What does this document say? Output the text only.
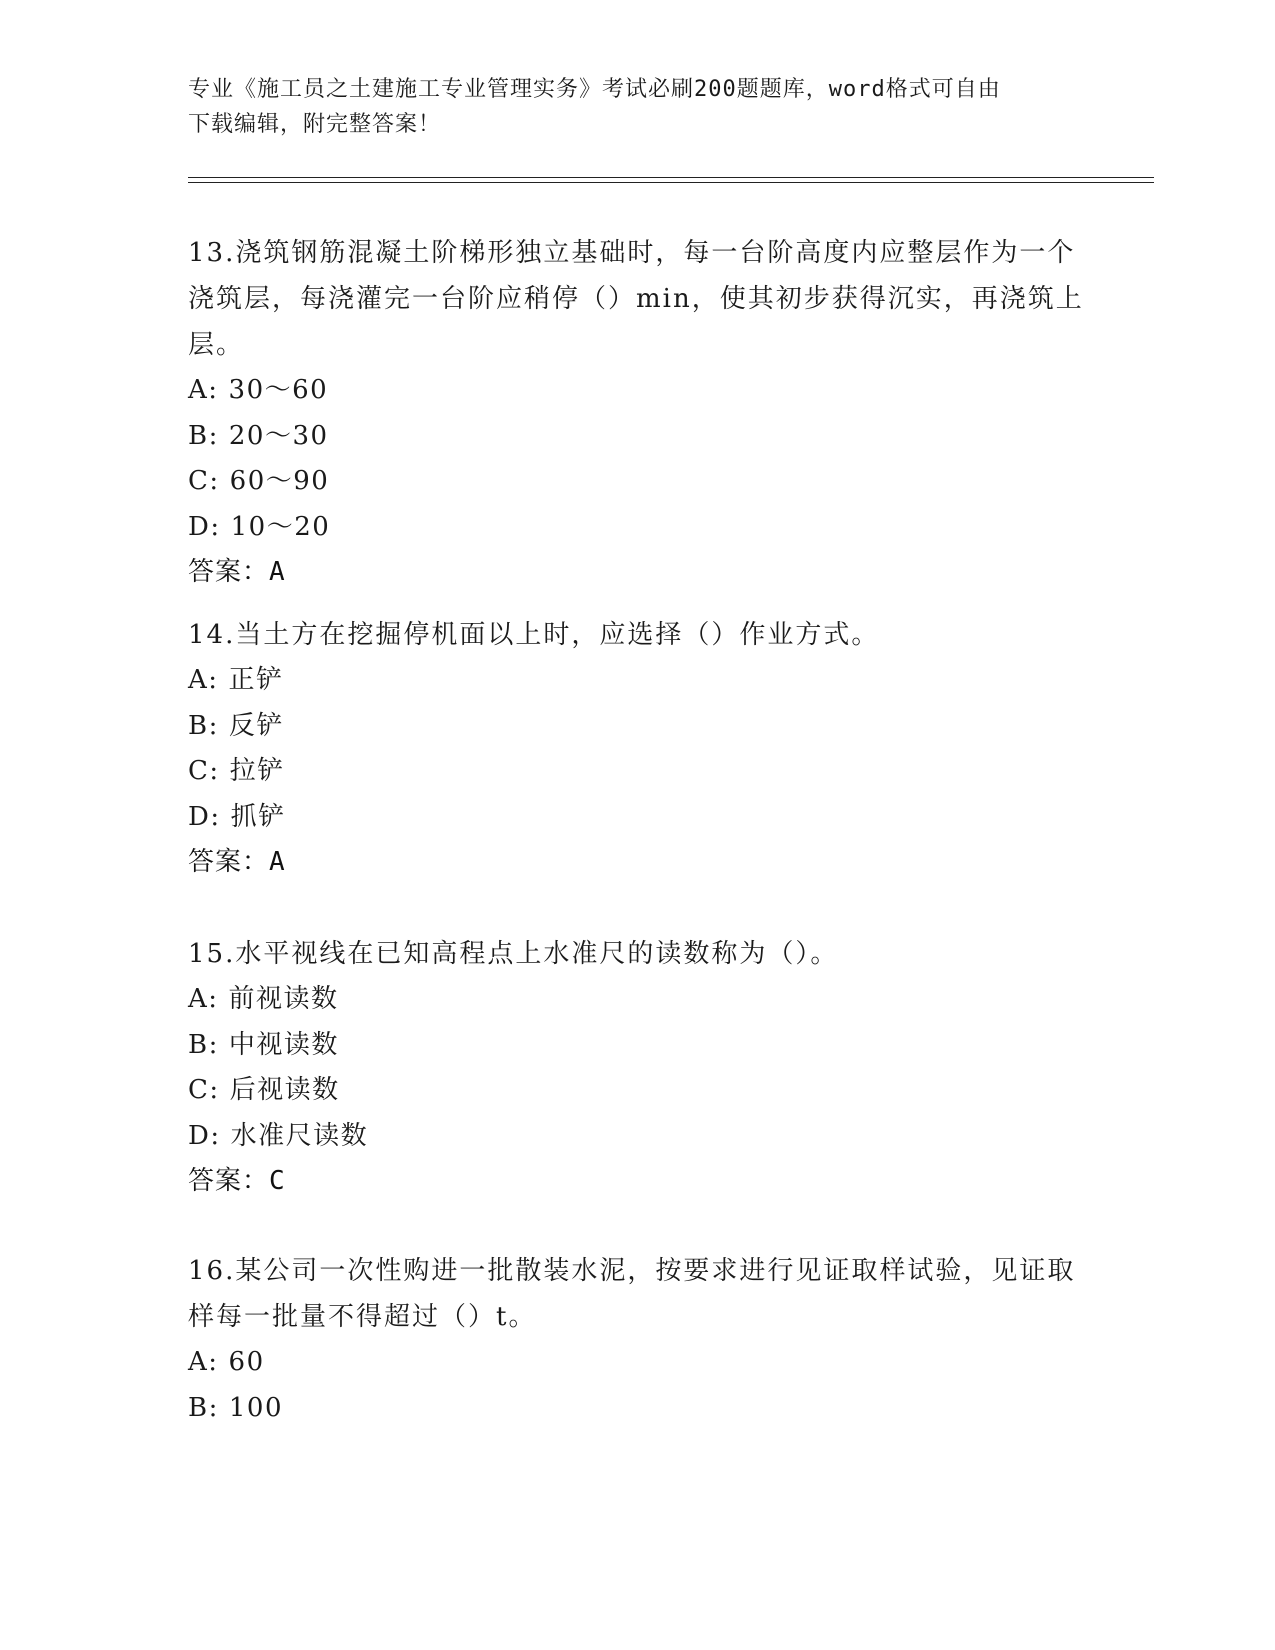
专业《施工员之土建施工专业管理实务》考试必刷200题题库，word格式可自由
下载编辑，附完整答案！

13.浇筑钢筋混凝土阶梯形独立基础时，每一台阶高度内应整层作为一个浇筑层，每浇灌完一台阶应稍停（）min，使其初步获得沉实，再浇筑上层。

A: 30～60

B: 20～30

C: 60～90

D: 10～20

答案：A

14.当土方在挖掘停机面以上时，应选择（）作业方式。

A: 正铲

B: 反铲

C: 拉铲

D: 抓铲

答案：A

15.水平视线在已知高程点上水准尺的读数称为（）。

A: 前视读数

B: 中视读数

C: 后视读数

D: 水准尺读数

答案：C

16.某公司一次性购进一批散装水泥，按要求进行见证取样试验，见证取样每一批量不得超过（）t。

A: 60

B: 100
